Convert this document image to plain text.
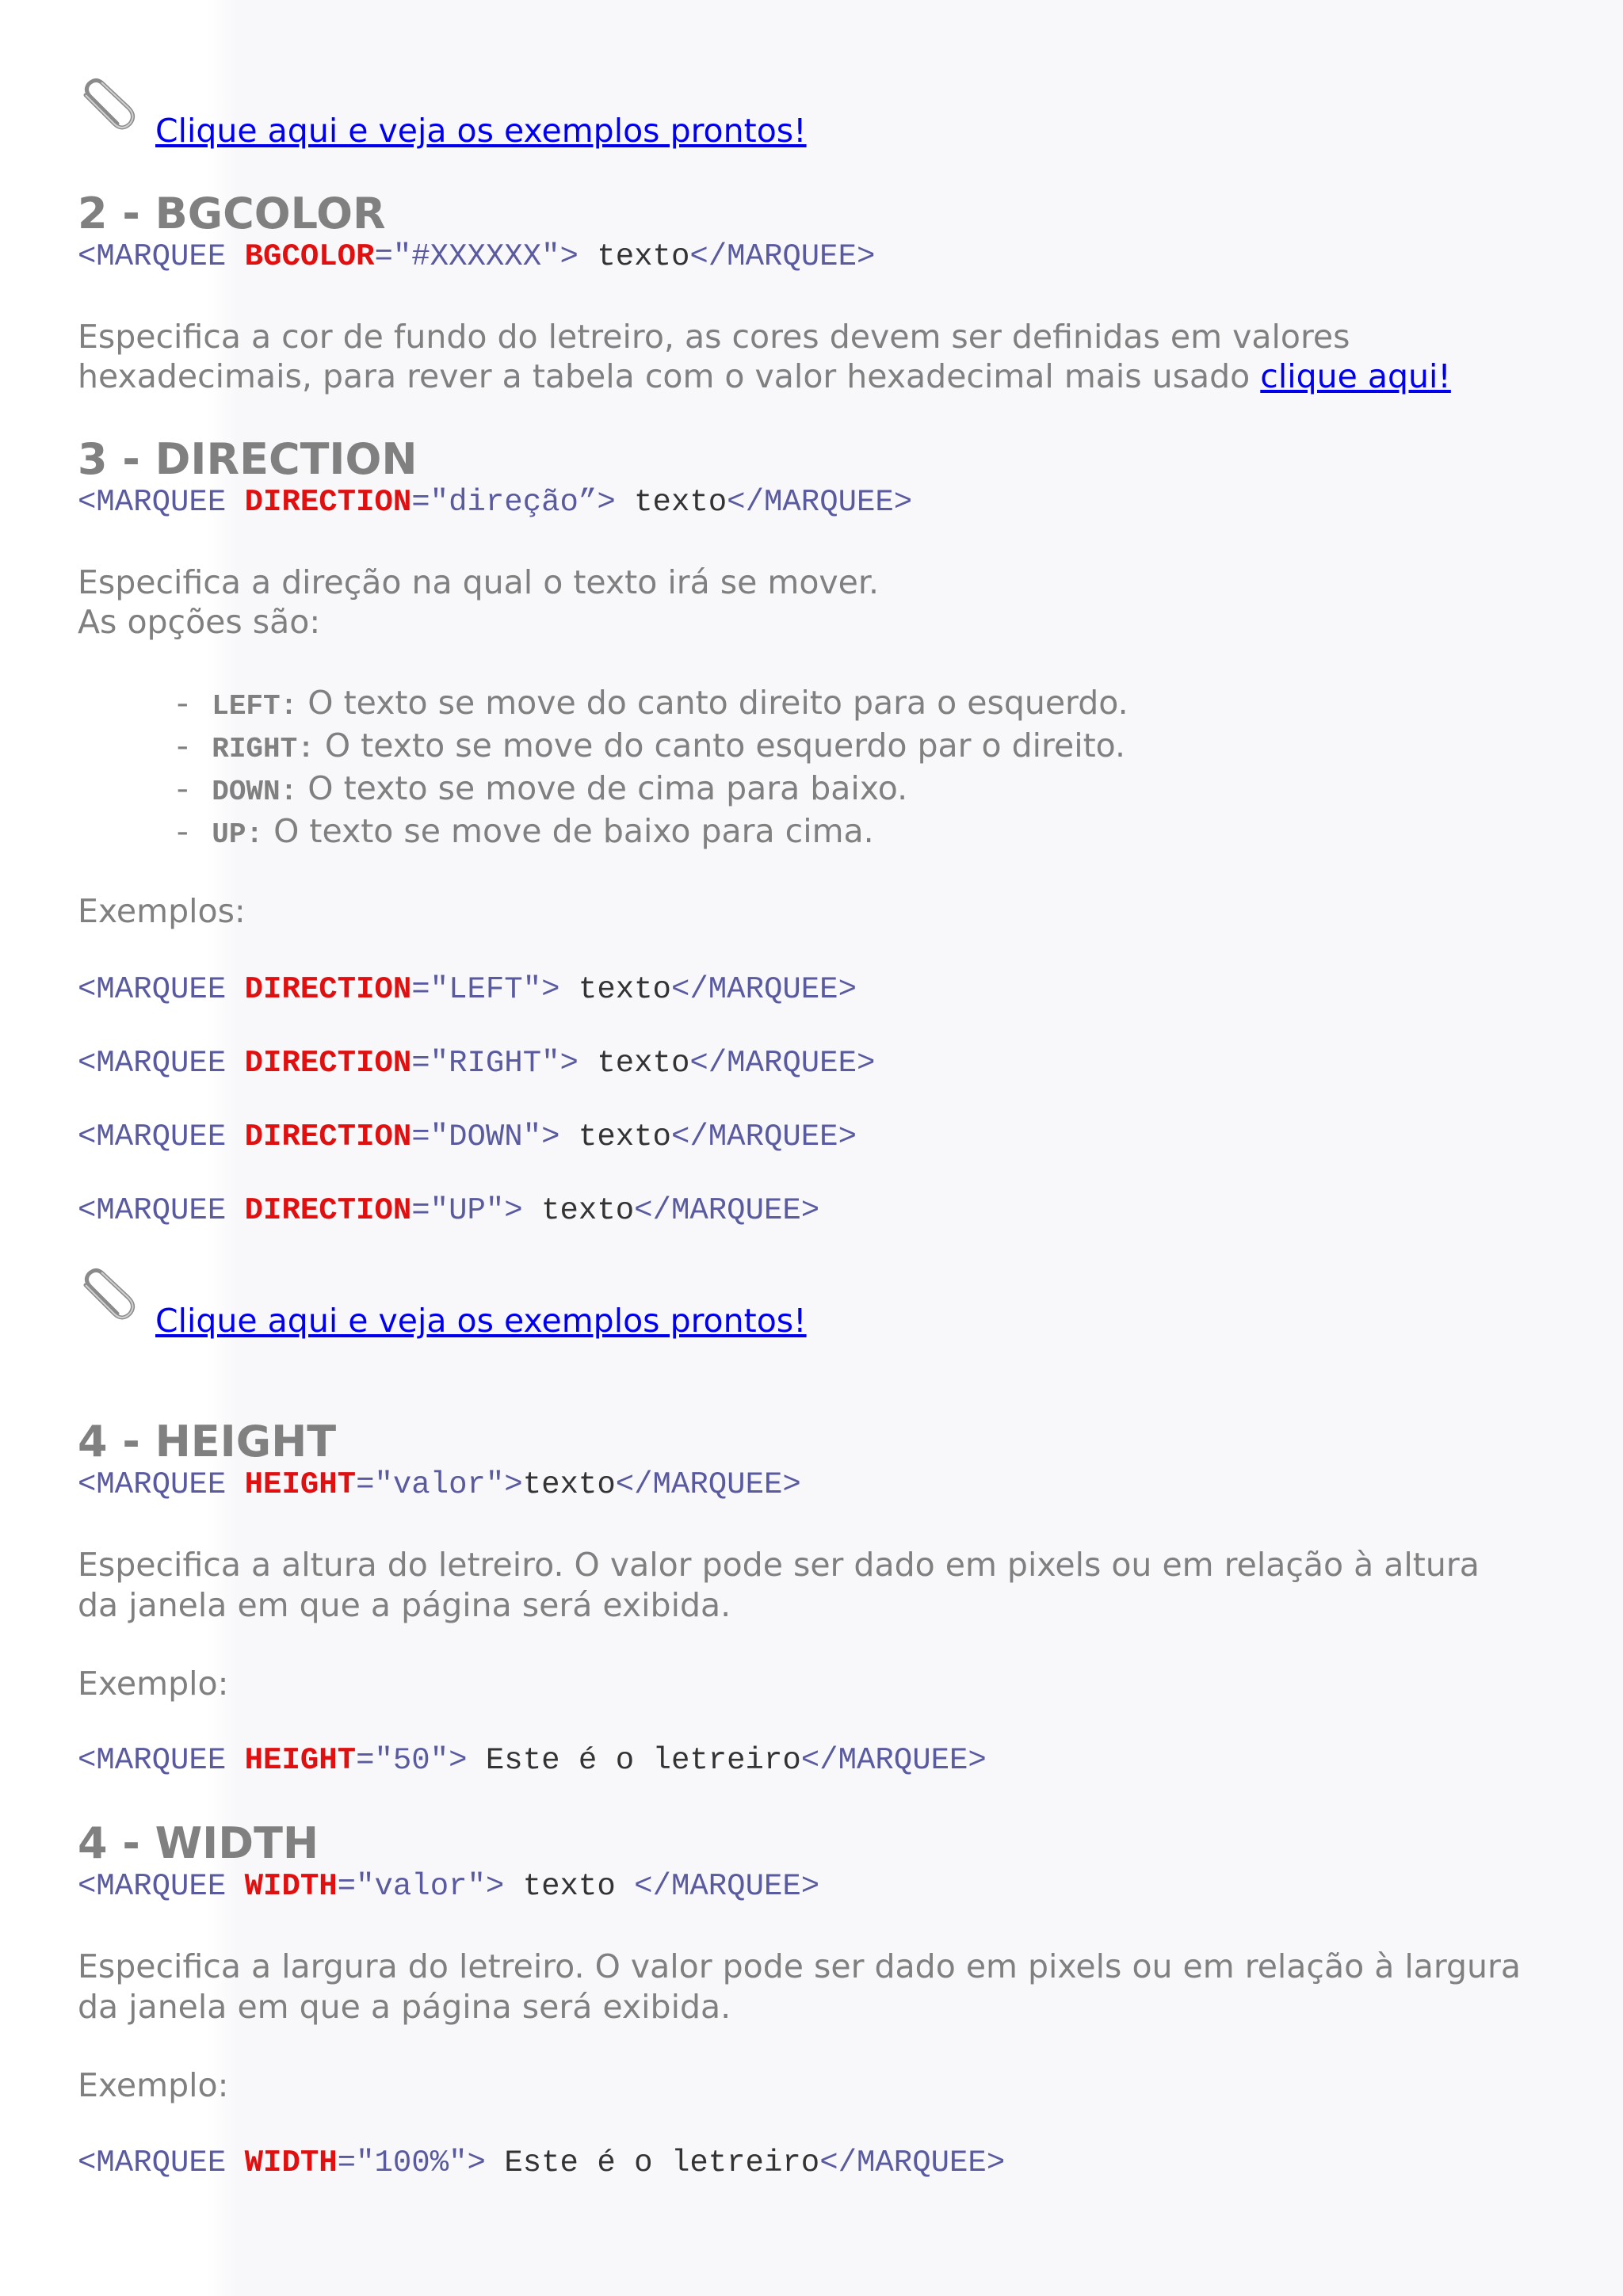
Clique aqui e veja os exemplos prontos!
2 - BGCOLOR
<MARQUEE BGCOLOR="#XXXXXX"> texto</MARQUEE>
Especifica a cor de fundo do letreiro, as cores devem ser definidas em valores
hexadecimais, para rever a tabela com o valor hexadecimal mais usado clique aqui!
3 - DIRECTION
<MARQUEE DIRECTION="direção”> texto</MARQUEE>
Especifica a direção na qual o texto irá se mover.
As opções são:
- LEFT: O texto se move do canto direito para o esquerdo.
- RIGHT: O texto se move do canto esquerdo par o direito.
- DOWN: O texto se move de cima para baixo.
- UP: O texto se move de baixo para cima.
Exemplos:
<MARQUEE DIRECTION="LEFT"> texto</MARQUEE>
<MARQUEE DIRECTION="RIGHT"> texto</MARQUEE>
<MARQUEE DIRECTION="DOWN"> texto</MARQUEE>
<MARQUEE DIRECTION="UP"> texto</MARQUEE>
Clique aqui e veja os exemplos prontos!
4 - HEIGHT
<MARQUEE HEIGHT="valor">texto</MARQUEE>
Especifica a altura do letreiro. O valor pode ser dado em pixels ou em relação à altura
da janela em que a página será exibida.
Exemplo:
<MARQUEE HEIGHT="50"> Este é o letreiro</MARQUEE>
4 - WIDTH
<MARQUEE WIDTH="valor"> texto </MARQUEE>
Especifica a largura do letreiro. O valor pode ser dado em pixels ou em relação à largura
da janela em que a página será exibida.
Exemplo:
<MARQUEE WIDTH="100%"> Este é o letreiro</MARQUEE>
